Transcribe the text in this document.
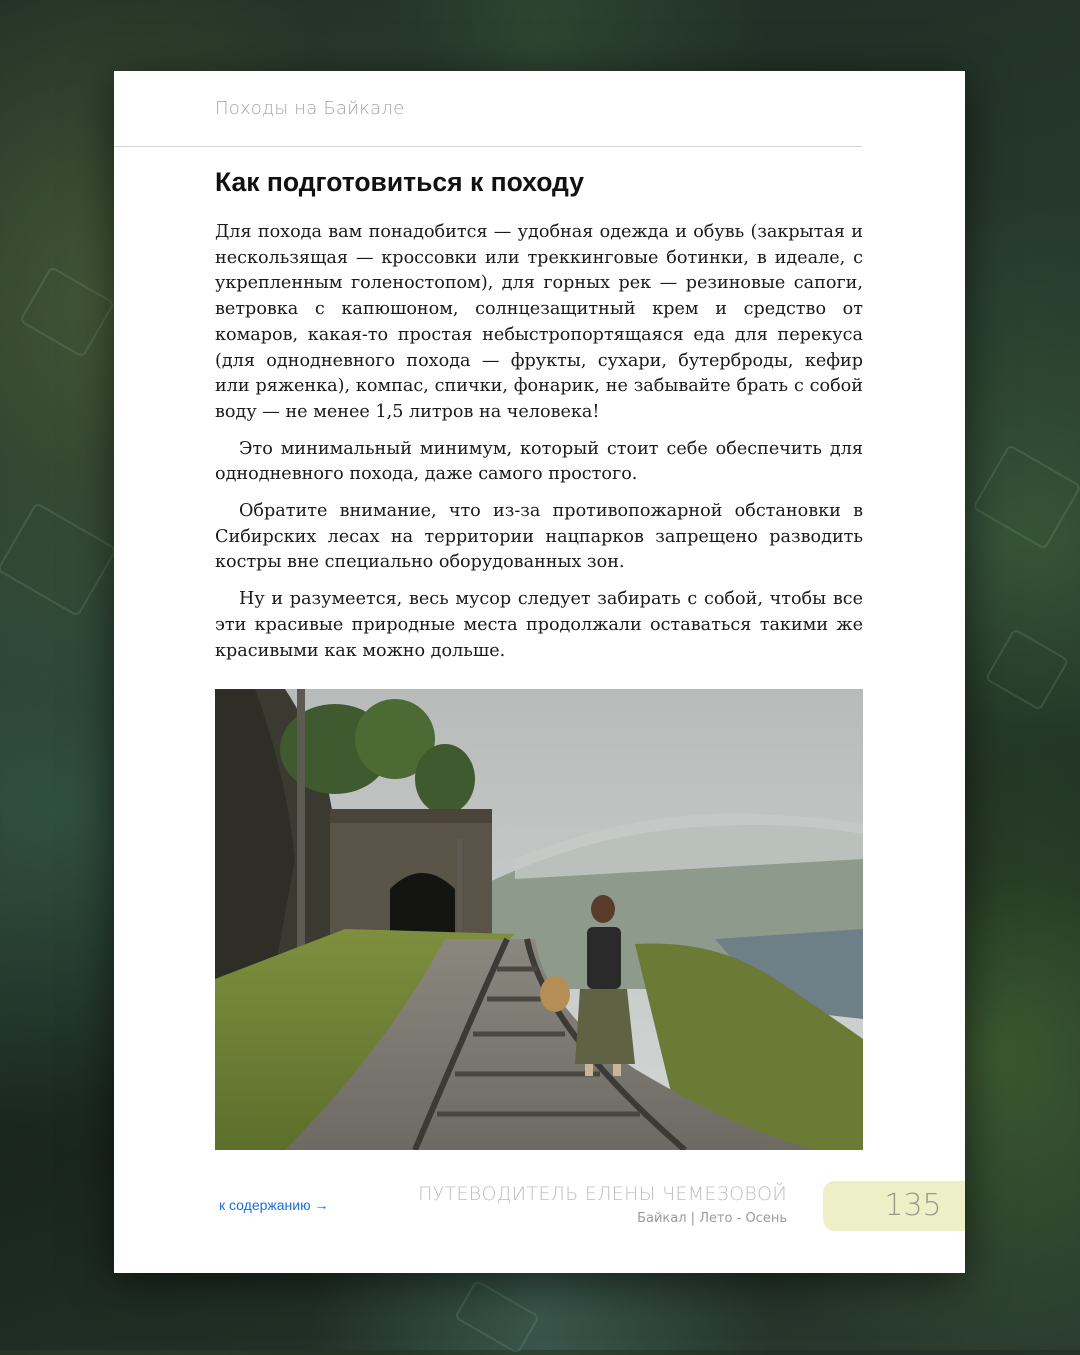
Походы на Байкале
Как подготовиться к походу

Для похода вам понадобится — удобная одежда и обувь (закрытая и нескользящая — кроссовки или треккинговые ботинки, в идеале, с укрепленным голеностопом), для горных рек — резиновые сапоги, ветровка с капюшоном, солнцезащитный крем и средство от комаров, какая-то простая небыстропортящаяся еда для перекуса (для однодневного похода — фрукты, сухари, бутерброды, кефир или ряженка), компас, спички, фонарик, не забывайте брать с собой воду — не менее 1,5 литров на человека!

Это минимальный минимум, который стоит себе обеспечить для однодневного похода, даже самого простого.

Обратите внимание, что из-за противопожарной обстановки в Сибирских лесах на территории нацпарков запрещено разводить костры вне специально оборудованных зон.

Ну и разумеется, весь мусор следует забирать с собой, чтобы все эти красивые природные места продолжали оставаться такими же красивыми как можно дольше.

к содержанию →	ПУТЕВОДИТЕЛЬ ЕЛЕНЫ ЧЕМЕЗОВОЙ
Байкал | Лето - Осень	135
